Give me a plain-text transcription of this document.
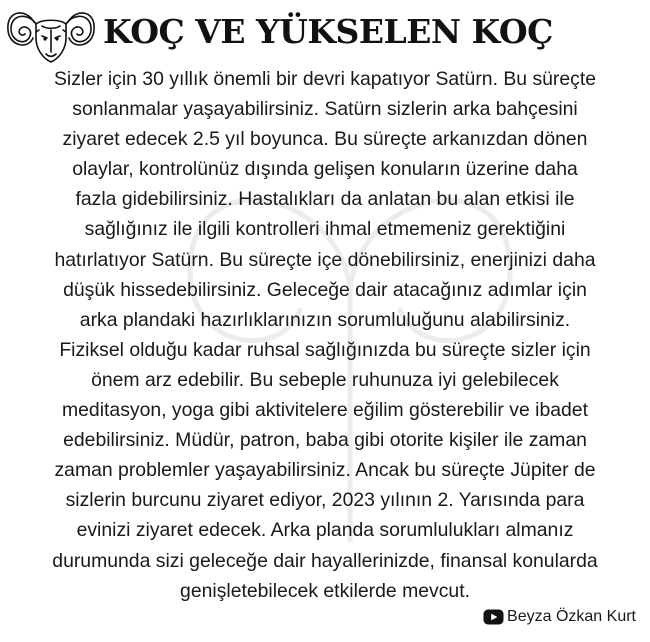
KOÇ VE YÜKSELEN KOÇ
Sizler için 30 yıllık önemli bir devri kapatıyor Satürn. Bu süreçte
sonlanmalar yaşayabilirsiniz. Satürn sizlerin arka bahçesini
ziyaret edecek 2.5 yıl boyunca. Bu süreçte arkanızdan dönen
olaylar, kontrolünüz dışında gelişen konuların üzerine daha
fazla gidebilirsiniz. Hastalıkları da anlatan bu alan etkisi ile
sağlığınız ile ilgili kontrolleri ihmal etmemeniz gerektiğini
hatırlatıyor Satürn. Bu süreçte içe dönebilirsiniz, enerjinizi daha
düşük hissedebilirsiniz. Geleceğe dair atacağınız adımlar için
arka plandaki hazırlıklarınızın sorumluluğunu alabilirsiniz.
Fiziksel olduğu kadar ruhsal sağlığınızda bu süreçte sizler için
önem arz edebilir. Bu sebeple ruhunuza iyi gelebilecek
meditasyon, yoga gibi aktivitelere eğilim gösterebilir ve ibadet
edebilirsiniz. Müdür, patron, baba gibi otorite kişiler ile zaman
zaman problemler yaşayabilirsiniz. Ancak bu süreçte Jüpiter de
sizlerin burcunu ziyaret ediyor, 2023 yılının 2. Yarısında para
evinizi ziyaret edecek. Arka planda sorumlulukları almanız
durumunda sizi geleceğe dair hayallerinizde, finansal konularda
genişletebilecek etkilerde mevcut.
Beyza Özkan Kurt
